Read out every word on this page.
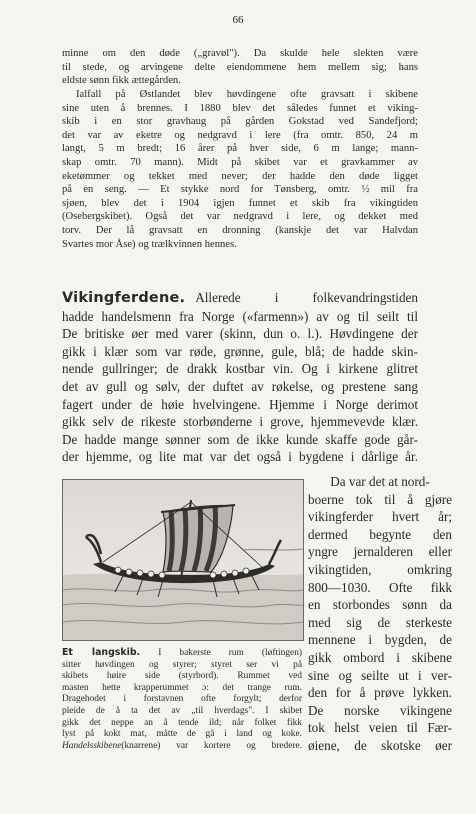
66
minne om den døde („gravøl"). Da skulde hele slekten være
til stede, og arvingene delte eiendommene hem mellem sig; hans
eldste sønn fikk ættegården.
Ialfall på Østlandet blev høvdingene ofte gravsatt i skibene
sine uten å brennes. I 1880 blev det således funnet et viking-
skib i en stor gravhaug på gården Gokstad ved Sandefjord;
det var av eketre og nedgravd i lere (fra omtr. 850, 24 m
langt, 5 m bredt; 16 årer på hver side, 6 m lange; mann-
skap omtr. 70 mann). Midt på skibet var et gravkammer av
eketømmer og tekket med never; der hadde den døde ligget
på en seng. — Et stykke nord for Tønsberg, omtr. ½ mil fra
sjøen, blev det i 1904 igjen funnet et skib fra vikingtiden
(Osebergskibet). Også det var nedgravd i lere, og dekket med
torv. Der lå gravsatt en dronning (kanskje det var Halvdan
Svartes mor Åse) og trælkvinnen hennes.
Vikingferdene. Allerede i folkevandringstiden
hadde handelsmenn fra Norge («farmenn») av og til seilt til
De britiske øer med varer (skinn, dun o. l.). Høvdingene der
gikk i klær som var røde, grønne, gule, blå; de hadde skin-
nende gullringer; de drakk kostbar vin. Og i kirkene glitret
det av gull og sølv, der duftet av røkelse, og prestene sang
fagert under de høie hvelvingene. Hjemme i Norge derimot
gikk selv de rikeste storbønderne i grove, hjemmevevde klær.
De hadde mange sønner som de ikke kunde skaffe gode går-
der hjemme, og lite mat var det også i bygdene i dårlige år.
Et langskib. I bakerste rum (løftingen)
sitter høvdingen og styrer; styret ser vi på
skibets høire side (styrbord). Rummet ved
masten hette krapperummet ɔ: det trange rum.
Dragehodet i forstavnen ofte forgylt; derfor
pleide de å ta det av „til hverdags". I skibet
gikk det neppe an å tende ild; når folket fikk
lyst på kokt mat, måtte de gå i land og koke.
Handelsskibene(knarrene) var kortere og bredere.
Da var det at nord-
boerne tok til å gjøre
vikingferder hvert år;
dermed begynte den
yngre jernalderen eller
vikingtiden, omkring
800—1030. Ofte fikk
en storbondes sønn da
med sig de sterkeste
mennene i bygden, de
gikk ombord i skibene
sine og seilte ut i ver-
den for å prøve lykken.
De norske vikingene
tok helst veien til Fær-
øiene, de skotske øer
